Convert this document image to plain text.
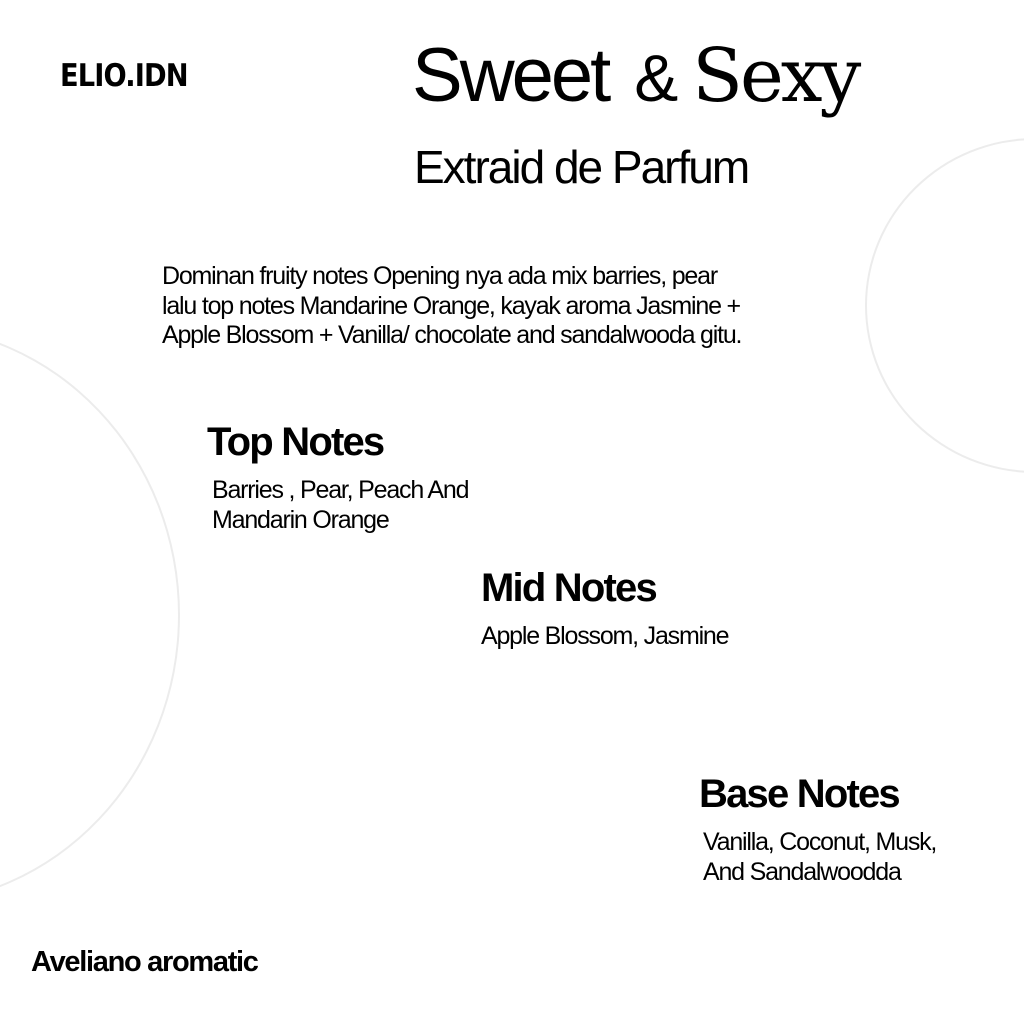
ELIO.IDN	Sweet & Sexy
Extraid de Parfum
Dominan fruity notes Opening nya ada mix barries, pear
lalu top notes Mandarine Orange, kayak aroma Jasmine +
Apple Blossom + Vanilla/ chocolate and sandalwooda gitu.
Top Notes
Barries , Pear, Peach And
Mandarin Orange
Mid Notes
Apple Blossom, Jasmine
Base Notes
Vanilla, Coconut, Musk,
And Sandalwoodda
Aveliano aromatic
